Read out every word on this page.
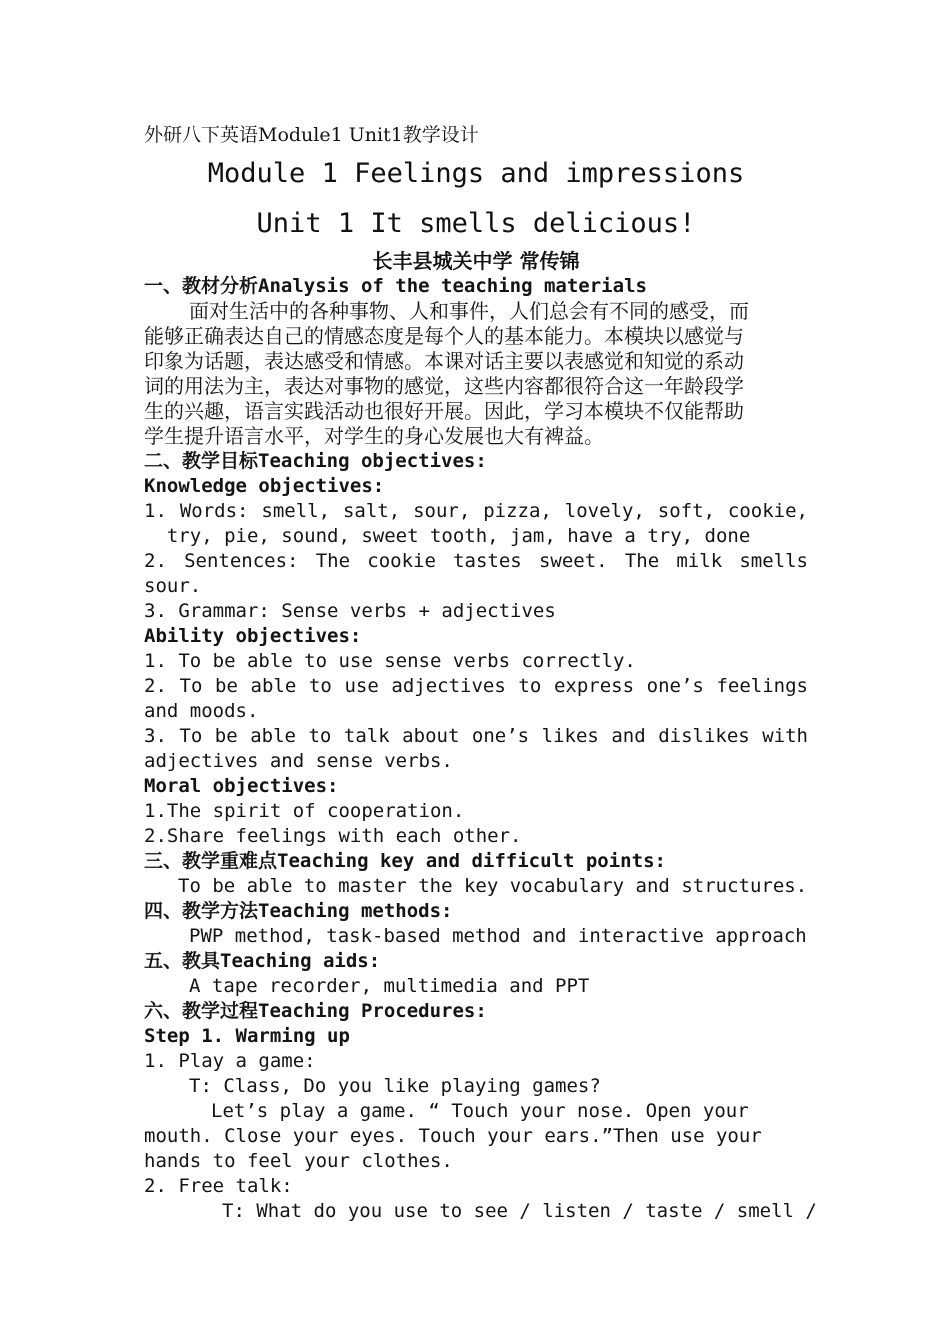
外研八下英语Module1 Unit1教学设计
Module 1 Feelings and impressions
Unit 1 It smells delicious!
长丰县城关中学 常传锦
一、教材分析Analysis of the teaching materials
面对生活中的各种事物、人和事件，人们总会有不同的感受，而
能够正确表达自己的情感态度是每个人的基本能力。本模块以感觉与
印象为话题，表达感受和情感。本课对话主要以表感觉和知觉的系动
词的用法为主，表达对事物的感觉，这些内容都很符合这一年龄段学
生的兴趣，语言实践活动也很好开展。因此，学习本模块不仅能帮助
学生提升语言水平，对学生的身心发展也大有裨益。
二、教学目标Teaching objectives:
Knowledge objectives:
1. Words: smell, salt, sour, pizza, lovely, soft, cookie,
try, pie, sound, sweet tooth, jam, have a try, done
2. Sentences: The cookie tastes sweet. The milk smells
sour.
3. Grammar: Sense verbs + adjectives
Ability objectives:
1. To be able to use sense verbs correctly.
2. To be able to use adjectives to express one’s feelings
and moods.
3. To be able to talk about one’s likes and dislikes with
adjectives and sense verbs.
Moral objectives:
1.The spirit of cooperation.
2.Share feelings with each other.
三、教学重难点Teaching key and difficult points:
To be able to master the key vocabulary and structures.
四、教学方法Teaching methods:
PWP method, task-based method and interactive approach
五、教具Teaching aids:
A tape recorder, multimedia and PPT
六、教学过程Teaching Procedures:
Step 1. Warming up
1. Play a game:
T: Class, Do you like playing games?
Let’s play a game. “ Touch your nose. Open your
mouth. Close your eyes. Touch your ears.”Then use your
hands to feel your clothes.
2. Free talk:
T: What do you use to see / listen / taste / smell /
